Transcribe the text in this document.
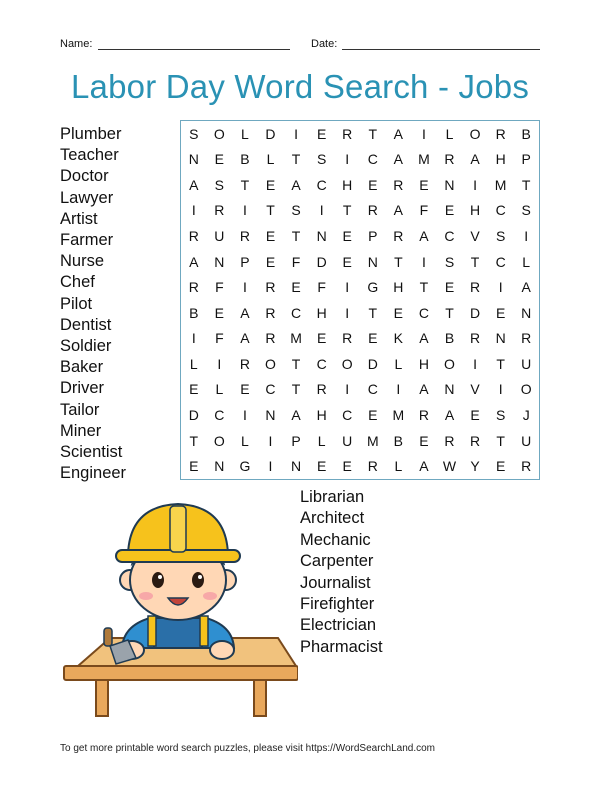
Name:	Date:
Labor Day Word Search - Jobs
Plumber
Teacher
Doctor
Lawyer
Artist
Farmer
Nurse
Chef
Pilot
Dentist
Soldier
Baker
Driver
Tailor
Miner
Scientist
Engineer
S	O	L	D	I	E	R	T	A	I	L	O	R	B
N	E	B	L	T	S	I	C	A	M	R	A	H	P
A	S	T	E	A	C	H	E	R	E	N	I	M	T
I	R	I	T	S	I	T	R	A	F	E	H	C	S
R	U	R	E	T	N	E	P	R	A	C	V	S	I
A	N	P	E	F	D	E	N	T	I	S	T	C	L
R	F	I	R	E	F	I	G	H	T	E	R	I	A
B	E	A	R	C	H	I	T	E	C	T	D	E	N
I	F	A	R	M	E	R	E	K	A	B	R	N	R
L	I	R	O	T	C	O	D	L	H	O	I	T	U
E	L	E	C	T	R	I	C	I	A	N	V	I	O
D	C	I	N	A	H	C	E	M	R	A	E	S	J
T	O	L	I	P	L	U	M	B	E	R	R	T	U
E	N	G	I	N	E	E	R	L	A	W	Y	E	R
Librarian
Architect
Mechanic
Carpenter
Journalist
Firefighter
Electrician
Pharmacist
To get more printable word search puzzles, please visit https://WordSearchLand.com
